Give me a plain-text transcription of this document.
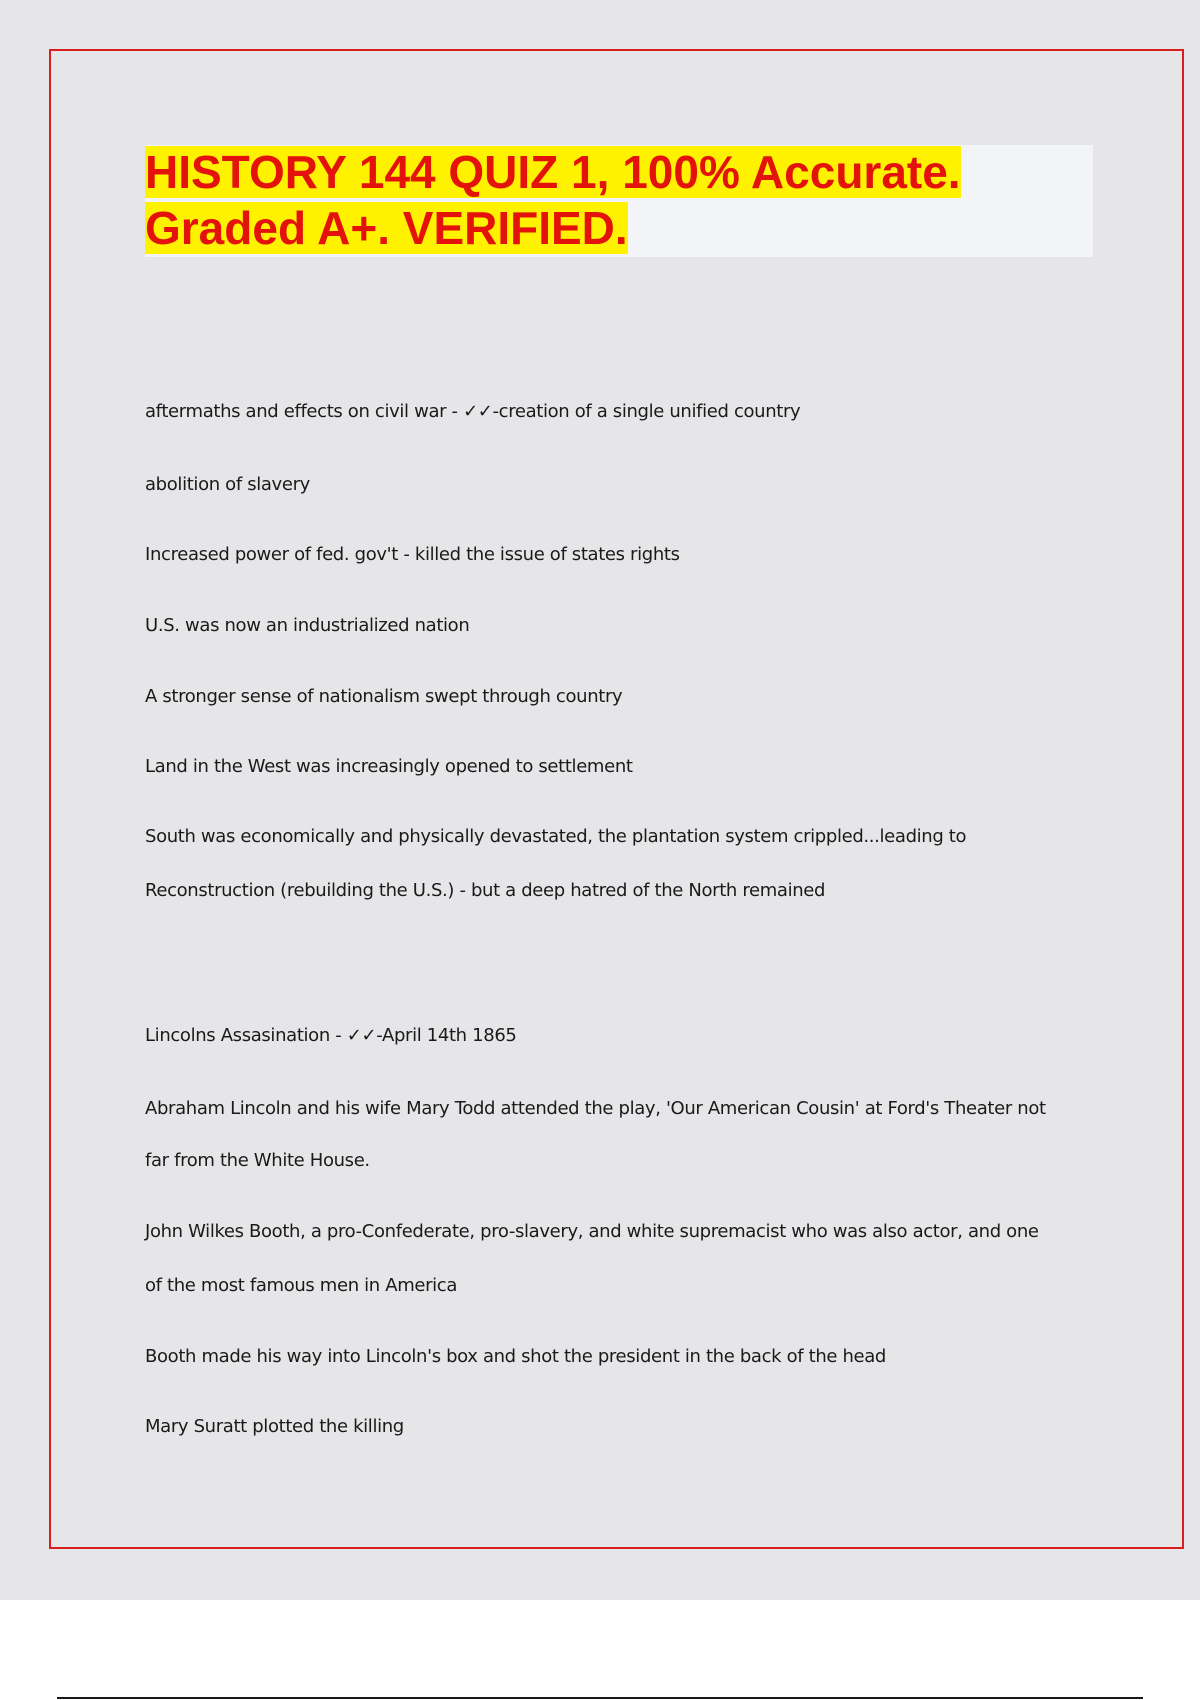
HISTORY 144 QUIZ 1, 100% Accurate.
Graded A+. VERIFIED.

aftermaths and effects on civil war - ✓✓-creation of a single unified country

abolition of slavery

Increased power of fed. gov't - killed the issue of states rights

U.S. was now an industrialized nation

A stronger sense of nationalism swept through country

Land in the West was increasingly opened to settlement

South was economically and physically devastated, the plantation system crippled...leading to

Reconstruction (rebuilding the U.S.) - but a deep hatred of the North remained

Lincolns Assasination - ✓✓-April 14th 1865

Abraham Lincoln and his wife Mary Todd attended the play, 'Our American Cousin' at Ford's Theater not

far from the White House.

John Wilkes Booth, a pro-Confederate, pro-slavery, and white supremacist who was also actor, and one

of the most famous men in America

Booth made his way into Lincoln's box and shot the president in the back of the head

Mary Suratt plotted the killing
